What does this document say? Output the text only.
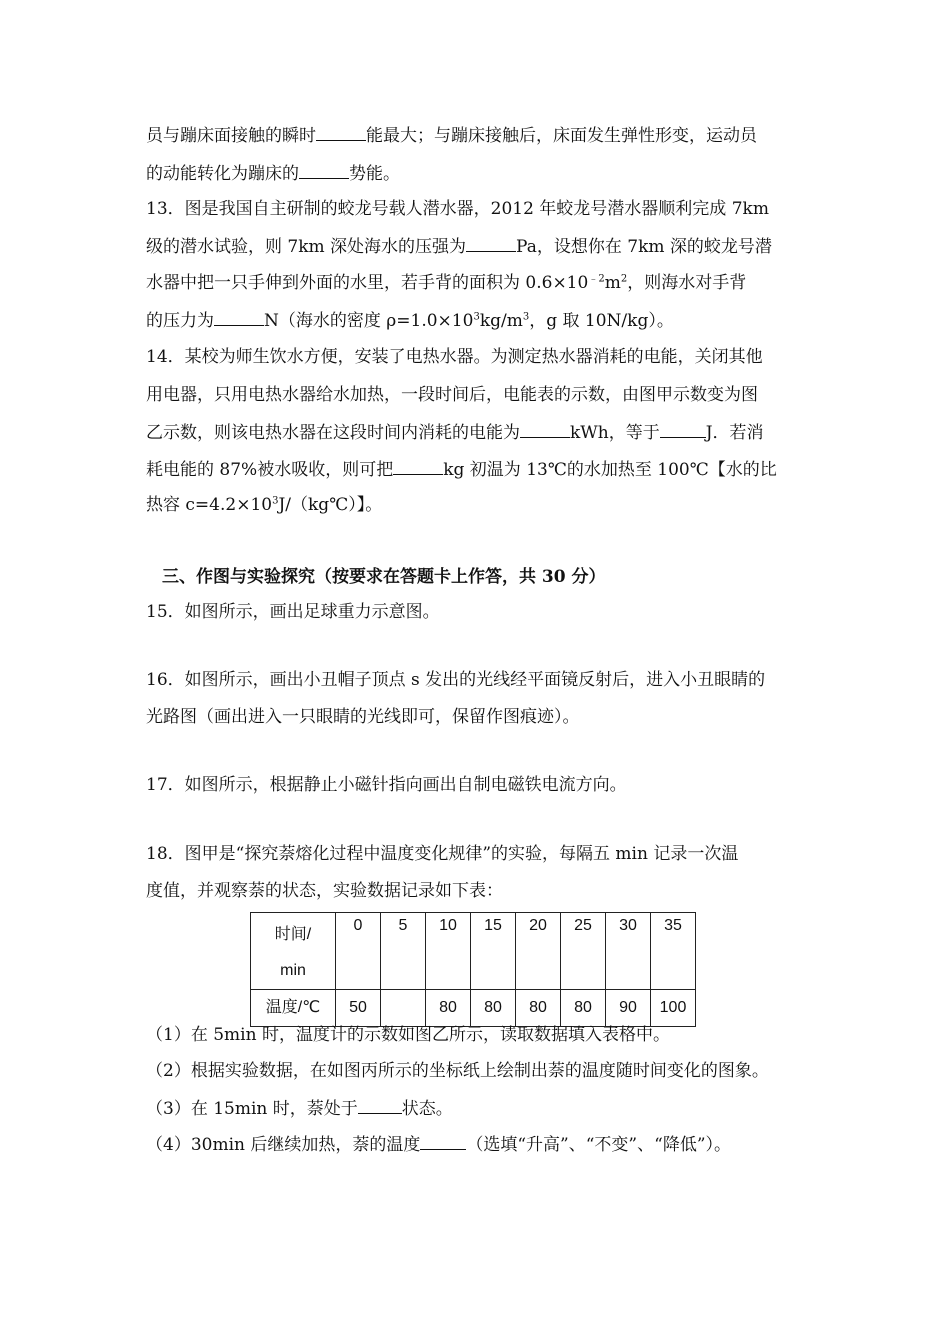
员与蹦床面接触的瞬时	能最大；与蹦床接触后，床面发生弹性形变，运动员
的动能转化为蹦床的	势能。
13．图是我国自主研制的蛟龙号载人潜水器，2012 年蛟龙号潜水器顺利完成 7km
级的潜水试验，则 7km 深处海水的压强为	Pa，设想你在 7km 深的蛟龙号潜
水器中把一只手伸到外面的水里，若手背的面积为 $0.6\times 10^{﹣2}m^2$，则海水对手背
的压力为	N（海水的密度 $\rho=1.0\times 10^3kg/m^3$，g 取 10N/kg）。
14．某校为师生饮水方便，安装了电热水器。为测定热水器消耗的电能，关闭其他
用电器，只用电热水器给水加热，一段时间后，电能表的示数，由图甲示数变为图
乙示数，则该电热水器在这段时间内消耗的电能为	kWh，等于	J．若消
耗电能的 87%被水吸收，则可把	kg 初温为 13℃的水加热至 100℃【水的比
热容 $c=4.2\times 10^3J/(kg℃)$】。
三、作图与实验探究（按要求在答题卡上作答，共 30 分）
15．如图所示，画出足球重力示意图。
16．如图所示，画出小丑帽子顶点 s 发出的光线经平面镜反射后，进入小丑眼睛的
光路图（画出进入一只眼睛的光线即可，保留作图痕迹）。
17．如图所示，根据静止小磁针指向画出自制电磁铁电流方向。
18．图甲是“探究萘熔化过程中温度变化规律”的实验，每隔五 min 记录一次温
度值，并观察萘的状态，实验数据记录如下表：
时间/
min	0	5	10	15	20	25	30	35
温度/℃	50		80	80	80	80	90	100
（1）在 5min 时，温度计的示数如图乙所示，读取数据填入表格中。
（2）根据实验数据，在如图丙所示的坐标纸上绘制出萘的温度随时间变化的图象。
（3）在 15min 时，萘处于	状态。
（4）30min 后继续加热，萘的温度	（选填“升高”、“不变”、“降低”）。
